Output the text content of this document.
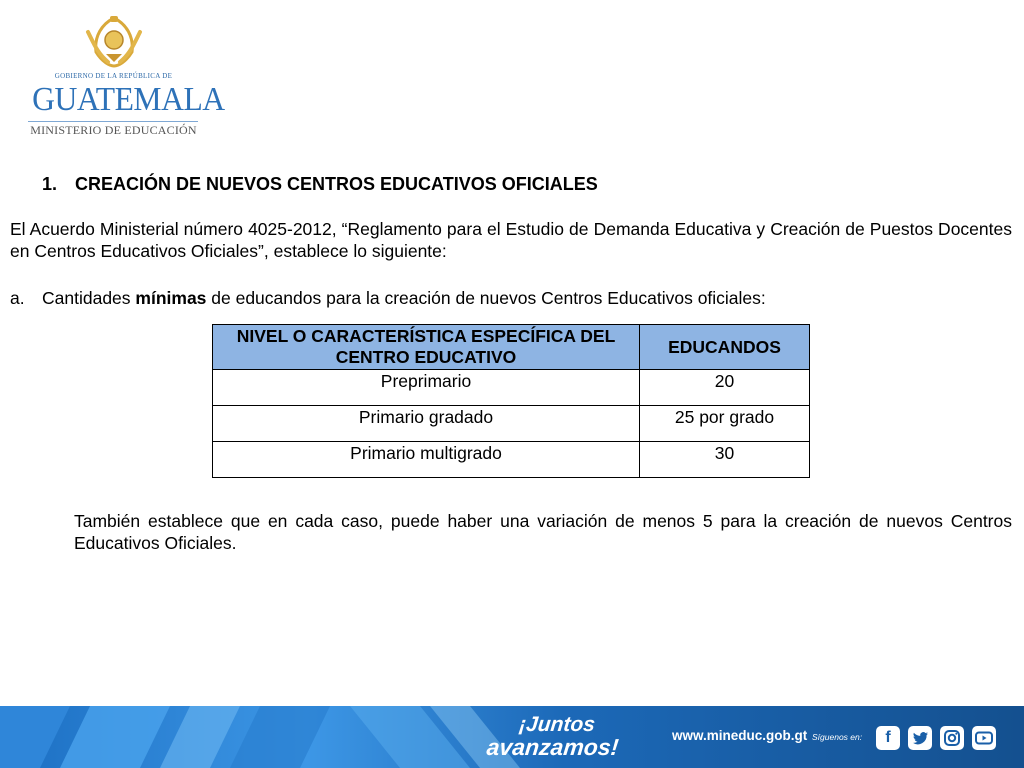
GOBIERNO DE LA REPÚBLICA DE
GUATEMALA
MINISTERIO DE EDUCACIÓN
1. CREACIÓN DE NUEVOS CENTROS EDUCATIVOS OFICIALES

El Acuerdo Ministerial número 4025-2012, “Reglamento para el Estudio de Demanda Educativa y Creación de Puestos Docentes en Centros Educativos Oficiales”, establece lo siguiente:

a. Cantidades mínimas de educandos para la creación de nuevos Centros Educativos oficiales:

NIVEL O CARACTERÍSTICA ESPECÍFICA DEL CENTRO EDUCATIVO	EDUCANDOS
Preprimario	20
Primario gradado	25 por grado
Primario multigrado	30

También establece que en cada caso, puede haber una variación de menos 5 para la creación de nuevos Centros Educativos Oficiales.

¡Juntos
avanzamos!	www.mineduc.gob.gt Síguenos en:	f
